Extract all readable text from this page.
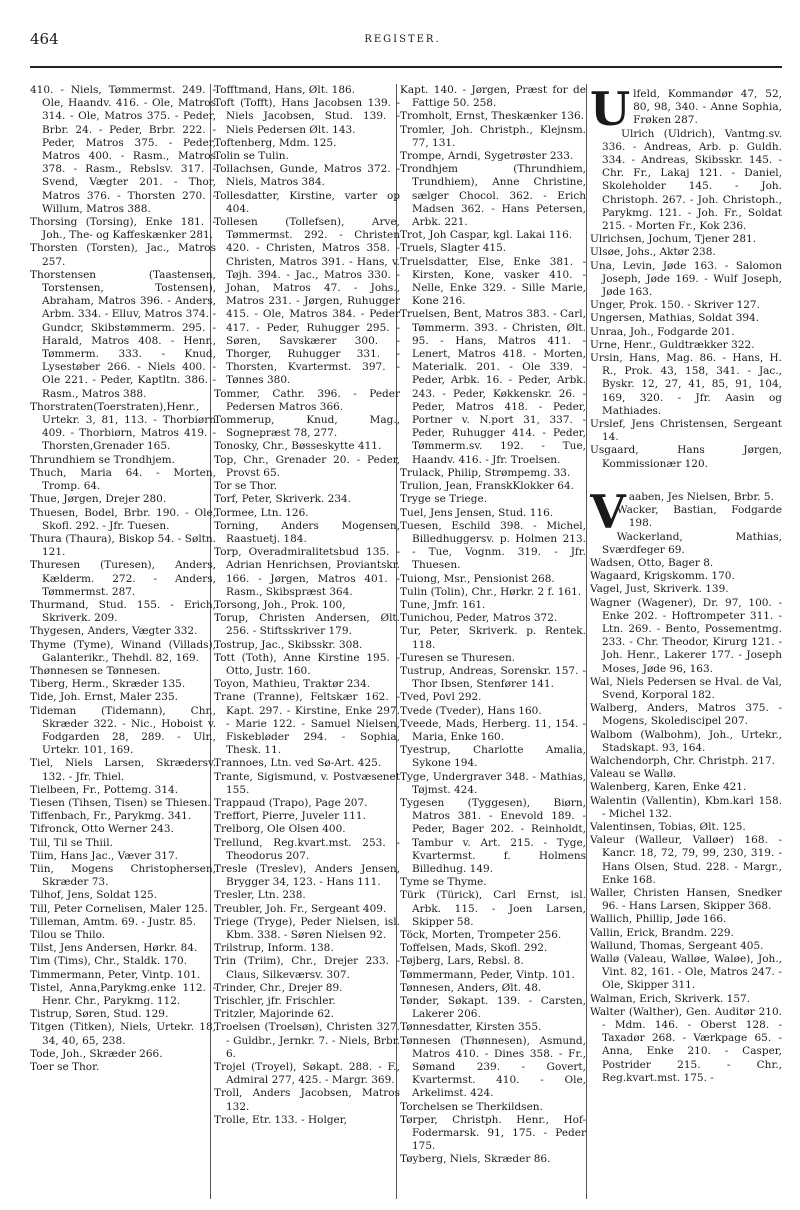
464	REGISTER.

410. - Niels, Tømmermst. 249. - Ole, Haandv. 416. - Ole, Matros 314. - Ole, Matros 375. - Peder, Brbr. 24. - Peder, Brbr. 222. - Peder, Matros 375. - Peder, Matros 400. - Rasm., Matros 378. - Rasm., Rebslsv. 317. - Svend, Vægter 201. - Thor, Matros 376. - Thorsten 270. - Willum, Matros 388.

Thorsing (Torsing), Enke 181. - Joh., The- og Kaffeskænker 281.

Thorsten (Torsten), Jac., Matros 257.

Thorstensen (Taastensen, Torstensen, Tostensen), Abraham, Matros 396. - Anders, Arbm. 334. - Elluv, Matros 374. - Gundcr, Skibstømmerm. 295. - Harald, Matros 408. - Henr., Tømmerm. 333. - Knud, Lysestøber 266. - Niels 400. - Ole 221. - Peder, Kaptltn. 386. - Rasm., Matros 388.

Thorstraten(Toerstraten),Henr., Urtekr. 3, 81, 113. - Thorbiørn 409. - Thorbiørn, Matros 419. - Thorsten,Grenader 165.

Thrundhiem se Trondhjem.

Thuch, Maria 64. - Morten, Tromp. 64.

Thue, Jørgen, Drejer 280.

Thuesen, Bodel, Brbr. 190. - Ole, Skofl. 292. - Jfr. Tuesen.

Thura (Thaura), Biskop 54. - Søltn. 121.

Thuresen (Turesen), Anders, Kælderm. 272. - Anders, Tømmermst. 287.

Thurmand, Stud. 155. - Erich, Skriverk. 209.

Thygesen, Anders, Vægter 332.

Thyme (Tyme), Winand (Villads), Galanterikr., Thehdl. 82, 169.

Thønnesen se Tønnesen.

Tiberg, Herm., Skræder 135.

Tide, Joh. Ernst, Maler 235.

Tideman (Tidemann), Chr., Skræder 322. - Nic., Hoboist v. Fodgarden 28, 289. - Ulr., Urtekr. 101, 169.

Tiel, Niels Larsen, Skrædersv. 132. - Jfr. Thiel.

Tielbeen, Fr., Pottemg. 314.

Tiesen (Tihsen, Tisen) se Thiesen.

Tiffenbach, Fr., Parykmg. 341.

Tifronck, Otto Werner 243.

Tiil, Til se Thiil.

Tiim, Hans Jac., Væver 317.

Tiin, Mogens Christophersen, Skræder 73.

Tilhof, Jens, Soldat 125.

Till, Peter Cornelisen, Maler 125.

Tilleman, Amtm. 69. - Justr. 85.

Tilou se Thilo.

Tilst, Jens Andersen, Hørkr. 84.

Tim (Tims), Chr., Staldk. 170.

Timmermann, Peter, Vintp. 101.

Tistel, Anna,Parykmg.enke 112. - Henr. Chr., Parykmg. 112.

Tistrup, Søren, Stud. 129.

Titgen (Titken), Niels, Urtekr. 18, 34, 40, 65, 238.

Tode, Joh., Skræder 266.

Toer se Thor.

Tofftmand, Hans, Ølt. 186.

Toft (Tofft), Hans Jacobsen 139. - Niels Jacobsen, Stud. 139. - Niels Pedersen Ølt. 143.

Toftenberg, Mdm. 125.

Tolin se Tulin.

Tollachsen, Gunde, Matros 372. - Niels, Matros 384.

Tollesdatter, Kirstine, varter op 404.

Tollesen (Tollefsen), Arve, Tømmermst. 292. - Christen 420. - Christen, Matros 358. - Christen, Matros 391. - Hans, v. Tøjh. 394. - Jac., Matros 330. - Johan, Matros 47. - Johs., Matros 231. - Jørgen, Ruhugger 415. - Ole, Matros 384. - Peder 417. - Peder, Ruhugger 295. - Søren, Savskærer 300. - Thorger, Ruhugger 331. - Thorsten, Kvartermst. 397. - Tønnes 380.

Tommer, Cathr. 396. - Peder Pedersen Matros 366.

Tommerup, Knud, Mag., Sognepræst 78, 277.

Tonosky, Chr., Bøsseskytte 411.

Top, Chr., Grenader 20. - Peder, Provst 65.

Tor se Thor.

Torf, Peter, Skriverk. 234.

Tormee, Ltn. 126.

Torning, Anders Mogensen, Raastuetj. 184.

Torp, Overadmiralitetsbud 135. - Adrian Henrichsen, Proviantskr. 166. - Jørgen, Matros 401. - Rasm., Skibspræst 364.

Torsong, Joh., Prok. 100,

Torup, Christen Andersen, Ølt. 256. - Stiftsskriver 179.

Tostrup, Jac., Skibsskr. 308.

Tott (Toth), Anne Kirstine 195. - Otto, Justr. 160.

Toyon, Mathieu, Traktør 234.

Trane (Tranne), Feltskær 162. - Kapt. 297. - Kirstine, Enke 297. - Marie 122. - Samuel Nielsen, Fiskebløder 294. - Sophia, Thesk. 11.

Trannoes, Ltn. ved Sø-Art. 425.

Trante, Sigismund, v. Postvæsenet 155.

Trappaud (Trapo), Page 207.

Treffort, Pierre, Juveler 111.

Trelborg, Ole Olsen 400.

Trellund, Reg.kvart.mst. 253. - Theodorus 207.

Tresle (Treslev), Anders Jensen, Brygger 34, 123. - Hans 111.

Tresler, Ltn. 238.

Treubler, Joh. Fr., Sergeant 409.

Triege (Tryge), Peder Nielsen, isl. Kbm. 338. - Søren Nielsen 92.

Trilstrup, Inform. 138.

Trin (Triim), Chr., Drejer 233. - Claus, Silkeværsv. 307.

Trinder, Chr., Drejer 89.

Trischler, jfr. Frischler.

Tritzler, Majorinde 62.

Troelsen (Troelsøn), Christen 327. - Guldbr., Jernkr. 7. - Niels, Brbr. 6.

Trojel (Troyel), Søkapt. 288. - F., Admiral 277, 425. - Margr. 369.

Troll, Anders Jacobsen, Matros 132.

Trolle, Etr. 133. - Holger,

Kapt. 140. - Jørgen, Præst for de Fattige 50. 258.

Tromholt, Ernst, Theskænker 136.

Tromler, Joh. Christph., Klejnsm. 77, 131.

Trompe, Arndi, Sygetrøster 233.

Trondhjem (Thrundhiem, Trundhiem), Anne Christine, sælger Chocol. 362. - Erich Madsen 362. - Hans Petersen, Arbk. 221.

Trot, Joh Caspar, kgl. Lakai 116.

Truels, Slagter 415.

Truelsdatter, Else, Enke 381. - Kirsten, Kone, vasker 410. - Nelle, Enke 329. - Sille Marie, Kone 216.

Truelsen, Bent, Matros 383. - Carl, Tømmerm. 393. - Christen, Ølt. 95. - Hans, Matros 411. - Lenert, Matros 418. - Morten, Materialk. 201. - Ole 339. - Peder, Arbk. 16. - Peder, Arbk. 243. - Peder, Køkkenskr. 26. - Peder, Matros 418. - Peder, Portner v. N.port 31, 337. - Peder, Ruhugger 414. - Peder, Tømmerm.sv. 192. - Tue, Haandv. 416. - Jfr. Troelsen.

Trulack, Philip, Strømpemg. 33.

Trulion, Jean, FranskKlokker 64.

Tryge se Triege.

Tuel, Jens Jensen, Stud. 116.

Tuesen, Eschild 398. - Michel, Billedhuggersv. p. Holmen 213. - Tue, Vognm. 319. - Jfr. Thuesen.

Tuiong, Msr., Pensionist 268.

Tulin (Tolin), Chr., Hørkr. 2 f. 161.

Tune, Jmfr. 161.

Tunichou, Peder, Matros 372.

Tur, Peter, Skriverk. p. Rentek. 118.

Turesen se Thuresen.

Tustrup, Andreas, Sorenskr. 157. - Thor Ibsen, Stenfører 141.

Tved, Povl 292.

Tvede (Tveder), Hans 160.

Tveede, Mads, Herberg. 11, 154. - Maria, Enke 160.

Tyestrup, Charlotte Amalia, Sykone 194.

Tyge, Undergraver 348. - Mathias, Tøjmst. 424.

Tygesen (Tyggesen), Biørn, Matros 381. - Enevold 189. - Peder, Bager 202. - Reinholdt, Tambur v. Art. 215. - Tyge, Kvartermst. f. Holmens Billedhug. 149.

Tyme se Thyme.

Türk (Türick), Carl Ernst, isl. Arbk. 115. - Joen Larsen, Skipper 58.

Töck, Morten, Trompeter 256.

Toffelsen, Mads, Skofl. 292.

Tøjberg, Lars, Rebsl. 8.

Tømmermann, Peder, Vintp. 101.

Tønnesen, Anders, Ølt. 48.

Tønder, Søkapt. 139. - Carsten, Lakerer 206.

Tønnesdatter, Kirsten 355.

Tønnesen (Thønnesen), Asmund, Matros 410. - Dines 358. - Fr., Sømand 239. - Govert, Kvartermst. 410. - Ole, Arkelimst. 424.

Torchelsen se Therkildsen.

Tørper, Christph. Henr., Hof-Fodermarsk. 91, 175. - Peder 175.

Tøyberg, Niels, Skræder 86.

U lfeld, Kommandør 47, 52, 80, 98, 340. - Anne Sophia, Frøken 287.

Ulrich (Uldrich), Vantmg.sv. 336. - Andreas, Arb. p. Guldh. 334. - Andreas, Skibsskr. 145. - Chr. Fr., Lakaj 121. - Daniel, Skoleholder 145. - Joh. Christoph. 267. - Joh. Christoph., Parykmg. 121. - Joh. Fr., Soldat 215. - Morten Fr., Kok 236.

Ulrichsen, Jochum, Tjener 281.

Ulsøe, Johs., Aktør 238.

Una, Levin, Jøde 163. - Salomon Joseph, Jøde 169. - Wulf Joseph, Jøde 163.

Unger, Prok. 150. - Skriver 127.

Ungersen, Mathias, Soldat 394.

Unraa, Joh., Fodgarde 201.

Urne, Henr., Guldtrækker 322.

Ursin, Hans, Mag. 86. - Hans, H. R., Prok. 43, 158, 341. - Jac., Byskr. 12, 27, 41, 85, 91, 104, 169, 320. - Jfr. Aasin og Mathiades.

Urslef, Jens Christensen, Sergeant 14.

Usgaard, Hans Jørgen, Kommissionær 120.

V aaben, Jes Nielsen, Brbr. 5.

Wacker, Bastian, Fodgarde 198.

Wackerland, Mathias, Sværdfeger 69.

Wadsen, Otto, Bager 8.

Wagaard, Krigskomm. 170.

Vagel, Just, Skriverk. 139.

Wagner (Wagener), Dr. 97, 100. - Enke 202. - Hoftrompeter 311. - Ltn. 269. - Bento, Possementmg. 233. - Chr. Theodor, Kirurg 121. - Joh. Henr., Lakerer 177. - Joseph Moses, Jøde 96, 163.

Wal, Niels Pedersen se Hval. de Val, Svend, Korporal 182.

Walberg, Anders, Matros 375. - Mogens, Skolediscipel 207.

Walbom (Walbohm), Joh., Urtekr., Stadskapt. 93, 164.

Walchendorph, Chr. Christph. 217.

Valeau se Wallø.

Walenberg, Karen, Enke 421.

Walentin (Vallentin), Kbm.karl 158. - Michel 132.

Valentinsen, Tobias, Ølt. 125.

Valeur (Walleur, Valløer) 168. - Kancr. 18, 72, 79, 99, 230, 319. - Hans Olsen, Stud. 228. - Margr., Enke 168.

Waller, Christen Hansen, Snedker 96. - Hans Larsen, Skipper 368.

Wallich, Phillip, Jøde 166.

Vallin, Erick, Brandm. 229.

Wallund, Thomas, Sergeant 405.

Wallø (Valeau, Walløe, Waløe), Joh., Vint. 82, 161. - Ole, Matros 247. - Ole, Skipper 311.

Walman, Erich, Skriverk. 157.

Walter (Walther), Gen. Auditør 210. - Mdm. 146. - Oberst 128. - Taxadør 268. - Værkpage 65. - Anna, Enke 210. - Casper, Postrider 215. - Chr., Reg.kvart.mst. 175. -
